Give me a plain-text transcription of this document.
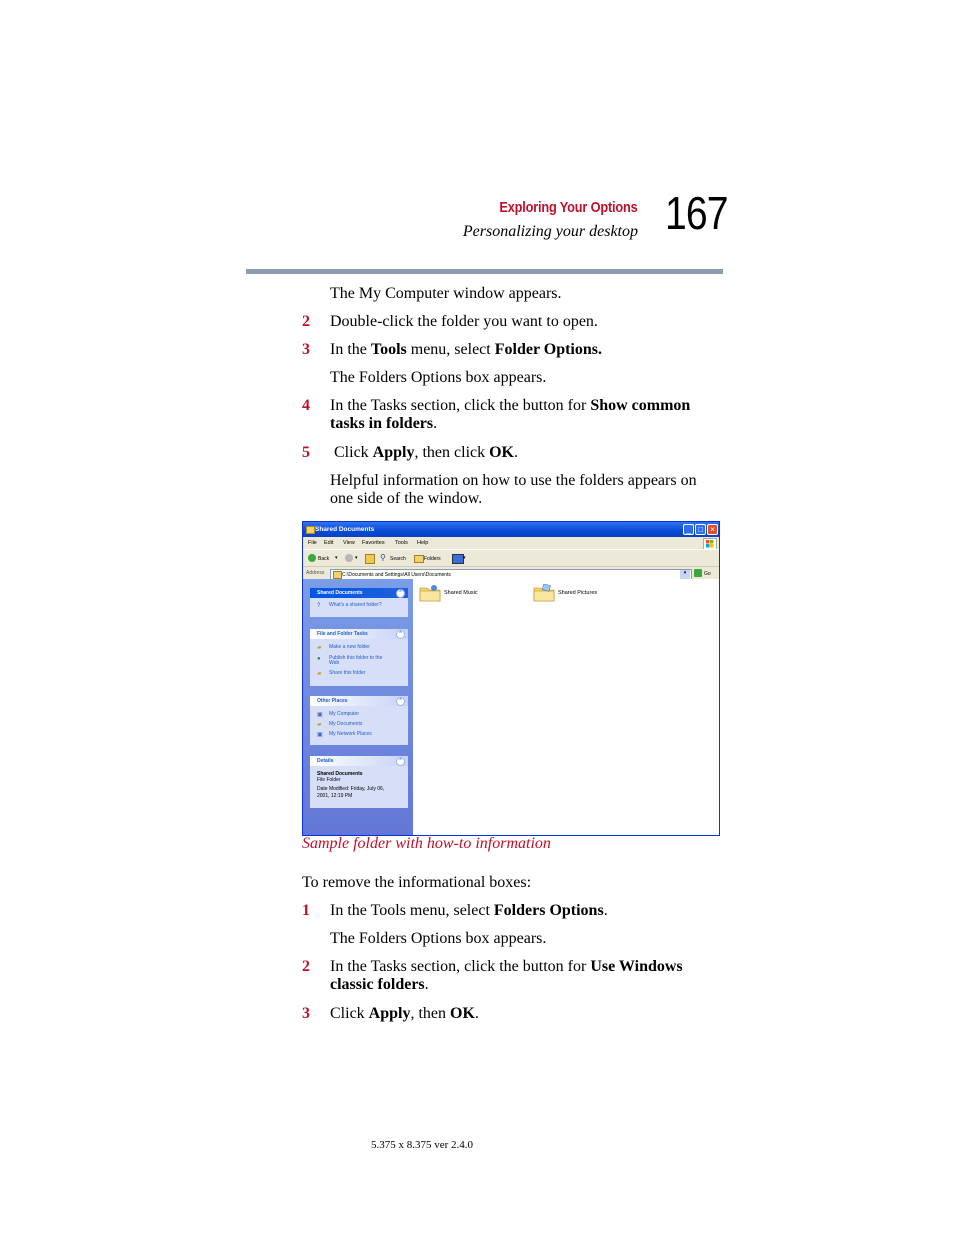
Exploring Your Options
Personalizing your desktop 167
The My Computer window appears.
2 Double-click the folder you want to open.
3 In the Tools menu, select Folder Options.
The Folders Options box appears.
4 In the Tasks section, click the button for Show common
tasks in folders.
5 Click Apply, then click OK.
Helpful information on how to use the folders appears on
one side of the window.
Shared Documents	_ □ ×
File Edit View Favorites Tools Help
Back ▾	▾	⚲ Search	Folders	▾
Address	C:\Documents and Settings\All Users\Documents	▾	Go
Shared Documents	⌃
?	What's a shared folder?
File and Folder Tasks	⌃
▰	Make a new folder
●	Publish this folder to the
Web
▰	Share this folder
Other Places	⌃
▣	My Computer
▰	My Documents
▣	My Network Places
Details	⌃
Shared Documents
File Folder
Date Modified: Friday, July 06,
2001, 12:19 PM
Shared Music	Shared Pictures
Sample folder with how-to information
To remove the informational boxes:
1 In the Tools menu, select Folders Options.
The Folders Options box appears.
2 In the Tasks section, click the button for Use Windows
classic folders.
3 Click Apply, then OK.
5.375 x 8.375 ver 2.4.0
